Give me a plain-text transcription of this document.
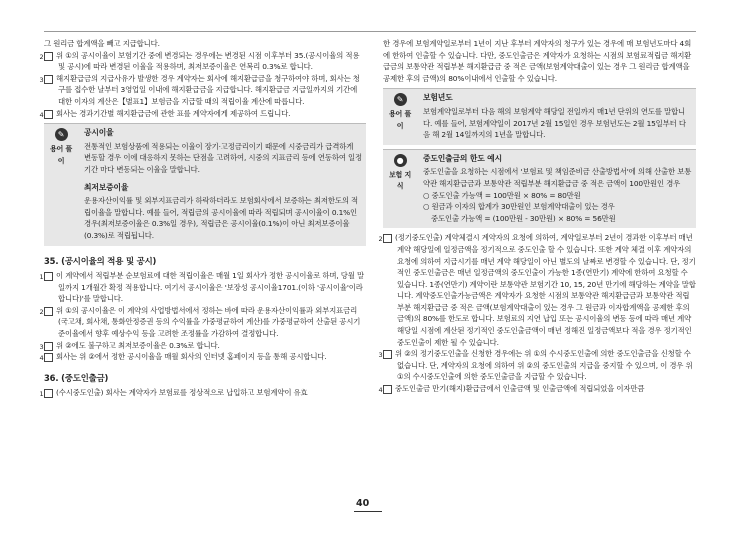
그 원리금 합계액을 빼고 지급합니다.

2 위 ①의 공시이율이 보험기간 중에 변경되는 경우에는 변경된 시점 이후부터 35.(공시이율의 적용 및 공시)에 따라 변경된 이율을 적용하며, 최저보증이율은 연복리 0.3%로 합니다.

3 해지환급금의 지급사유가 발생한 경우 계약자는 회사에 해지환급금을 청구하여야 하며, 회사는 청구를 접수한 날부터 3영업일 이내에 해지환급금을 지급합니다. 해지환급금 지급일까지의 기간에 대한 이자의 계산은【별표1】보험금을 지급할 때의 적립이율 계산에 따릅니다.

4 회사는 경과기간별 해지환급금에 관한 표를 계약자에게 제공하여 드립니다.

✎
용어 풀이
공시이율
전통적인 보험상품에 적용되는 이율이 장기·고정금리이기 때문에 시중금리가 급격하게 변동할 경우 이에 대응하지 못하는 단점을 고려하여, 시중의 지표금리 등에 연동하여 일정기간 마다 변동되는 이율을 말합니다.
최저보증이율
운용자산이익률 및 외부지표금리가 하락하더라도 보험회사에서 보증하는 최저한도의 적립이율을 말합니다. 예를 들어, 적립금의 공시이율에 따라 적립되며 공시이율이 0.1%인 경우(최저보증이율은 0.3%일 경우), 적립금은 공시이율(0.1%)이 아닌 최저보증이율(0.3%)로 적립됩니다.
35. (공시이율의 적용 및 공시)

1 이 계약에서 적립부분 순보험료에 대한 적립이율은 매월 1일 회사가 정한 공시이율로 하며, 당월 말일까지 1개월간 확정 적용합니다. 여기서 공시이율은 '보장성 공시이율1701.(이하 '공시이율'이라 합니다)'를 말합니다.

2 위 ①의 공시이율은 이 계약의 사업방법서에서 정하는 바에 따라 운용자산이익률과 외부지표금리(국고채, 회사채, 통화안정증권 등의 수익률을 가중평균하여 계산)를 가중평균하여 산출된 공시기준이율에서 향후 예상수익 등을 고려한 조정률을 가감하여 결정합니다.

3 위 ②에도 불구하고 최저보증이율은 0.3%로 합니다.

4 회사는 위 ②에서 정한 공시이율을 매월 회사의 인터넷 홈페이지 등을 통해 공시합니다.

36. (중도인출금)

1 (수시중도인출) 회사는 계약자가 보험료를 정상적으로 납입하고 보험계약이 유효

한 경우에 보험계약일로부터 1년이 지난 후부터 계약자의 청구가 있는 경우에 매 보험년도마다 4회에 한하여 인출할 수 있습니다. 다만, 중도인출금은 계약자가 요청하는 시점의 보험료적립금 해지환급금의 보통약관 적립부분 해지환급금 중 적은 금액(보험계약대출이 있는 경우 그 원리금 합계액을 공제한 후의 금액)의 80%이내에서 인출할 수 있습니다.

✎
용어 풀이
보험년도
보험계약일로부터 다음 해의 보험계약 해당일 전일까지 매1년 단위의 연도를 말합니다. 예를 들어, 보험계약일이 2017년 2월 15일인 경우 보험년도는 2월 15일부터 다음 해 2월 14일까지의 1년을 말합니다.
●
보험 지식
중도인출금의 한도 예시
중도인출을 요청하는 시점에서 '보험료 및 책임준비금 산출방법서'에 의해 산출한 보통약관 해지환급금과 보통약관 적립부분 해지환급금 중 적은 금액이 100만원인 경우
○ 중도인출 가능액 = 100만원 × 80% = 80만원
○ 원금과 이자의 합계가 30만원인 보험계약대출이 있는 경우
중도인출 가능액 = (100만원 - 30만원) × 80% = 56만원

2 (정기중도인출) 계약체결시 계약자의 요청에 의하여, 계약일로부터 2년이 경과한 이후부터 매년 계약 해당일에 일정금액을 정기적으로 중도인출 할 수 있습니다. 또한 계약 체결 이후 계약자의 요청에 의하여 지급시기를 매년 계약 해당일이 아닌 별도의 날짜로 변경할 수 있습니다. 단, 정기적인 중도인출금은 매년 일정금액의 중도인출이 가능한 1종(연만기) 계약에 한하여 요청할 수 있습니다. 1종(연만기) 계약이란 보통약관 보험기간 10, 15, 20년 만기에 해당하는 계약을 말합니다. 계약중도인출가능금액은 계약자가 요청한 시점의 보통약관 해지환급금과 보통약관 적립부분 해지환급금 중 적은 금액(보험계약대출이 있는 경우 그 원금과 이자합계액을 공제한 후의 금액)의 80%를 한도로 합니다. 보험료의 지연 납입 또는 공시이율의 변동 등에 따라 매년 계약 해당일 시점에 계산된 정기적인 중도인출금액이 매년 정해진 일정금액보다 적을 경우 정기적인 중도인출이 제한 될 수 있습니다.

3 위 ②의 정기중도인출을 신청한 경우에는 위 ①의 수시중도인출에 의한 중도인출금을 신청할 수 없습니다. 단, 계약자의 요청에 의하여 위 ②의 중도인출의 지급을 중지할 수 있으며, 이 경우 위 ①의 수시중도인출에 의한 중도인출금을 지급할 수 있습니다.

4 중도인출금 만기(해지)환급금에서 인출금액 및 인출금액에 적립되었을 이자만큼

40
